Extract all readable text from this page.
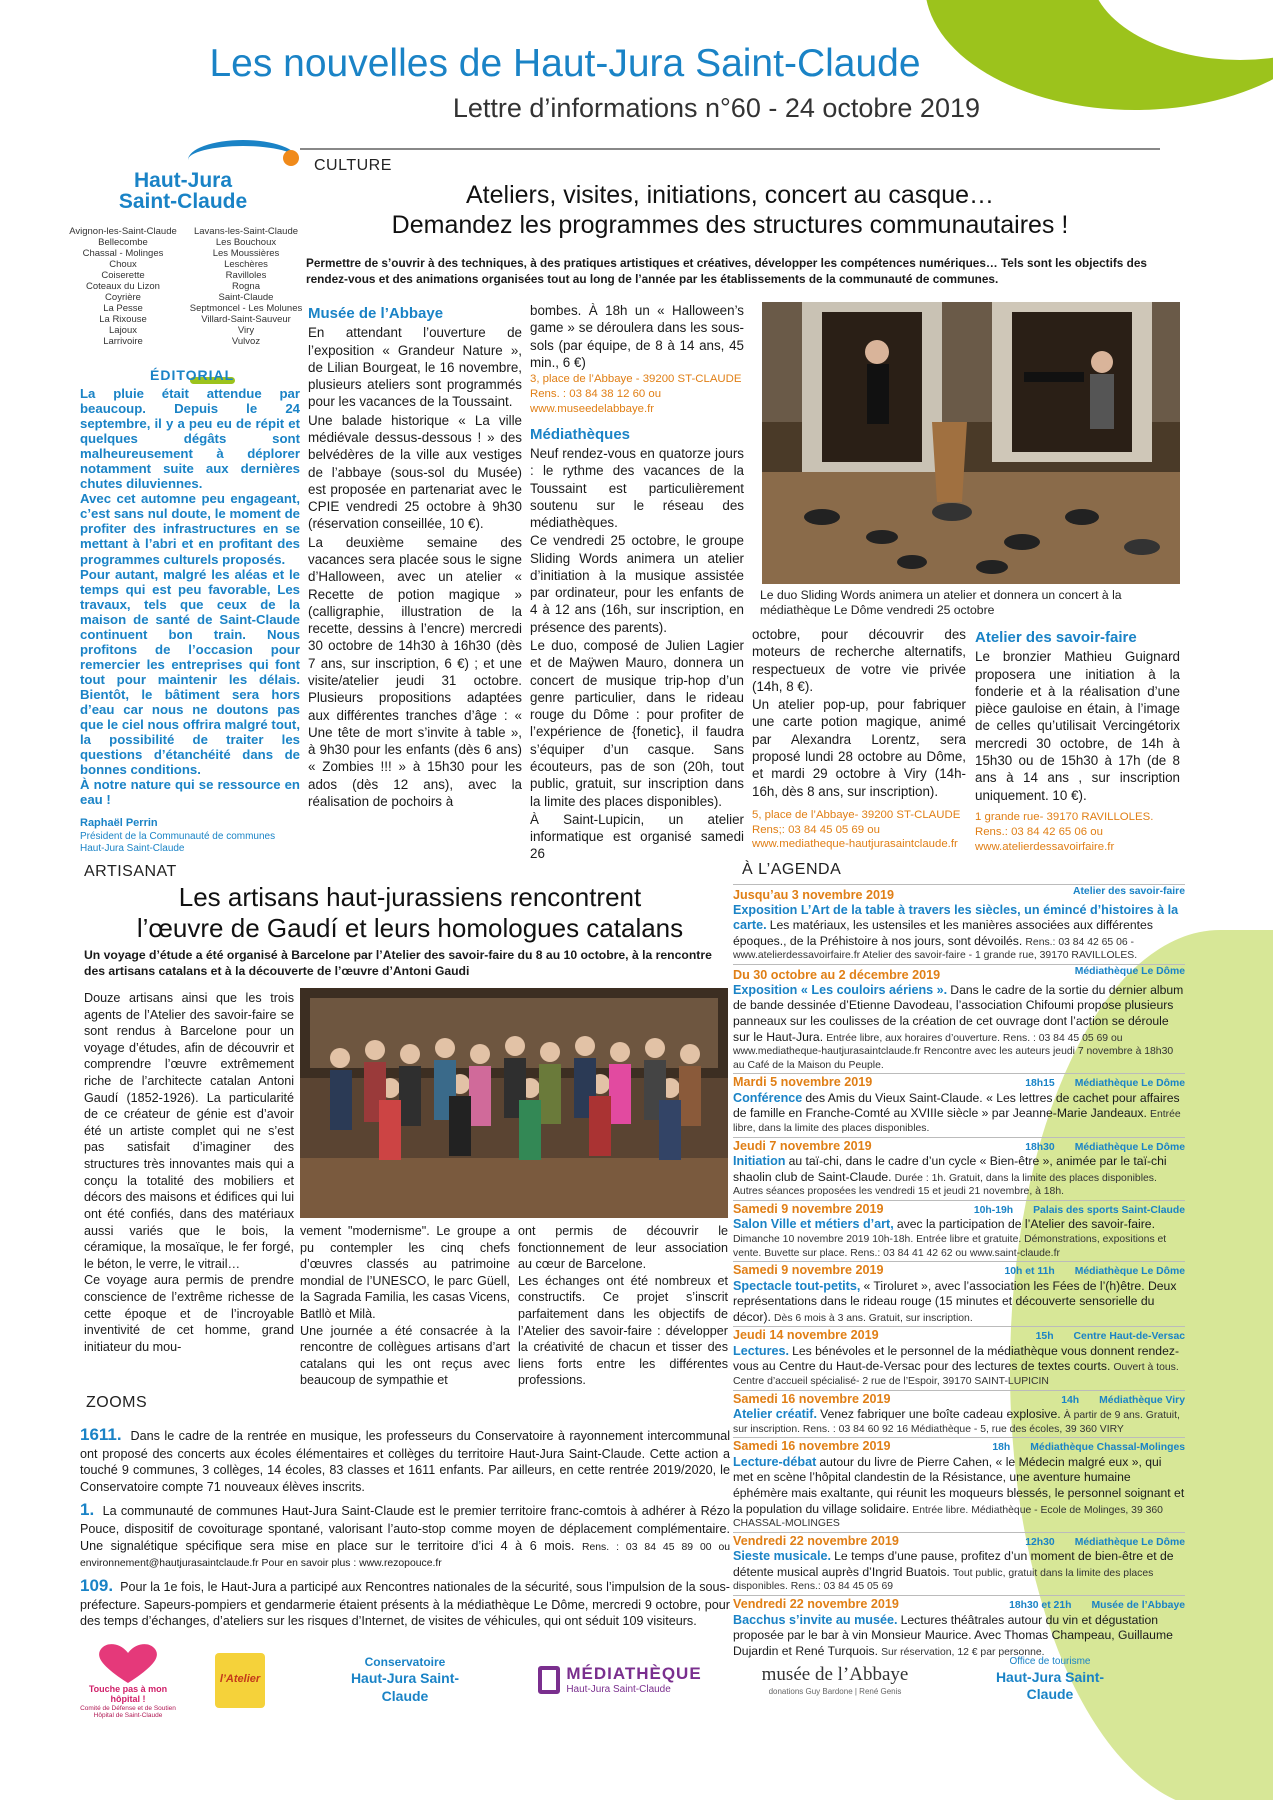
Les nouvelles de Haut-Jura Saint-Claude
Lettre d’informations n°60 - 24 octobre 2019
Haut-Jura
Saint-Claude
Avignon-les-Saint-Claude
Bellecombe
Chassal - Molinges
Choux
Coiserette
Coteaux du Lizon
Coyrière
La Pesse
La Rixouse
Lajoux
Larrivoire
Lavans-les-Saint-Claude
Les Bouchoux
Les Moussières
Leschères
Ravilloles
Rogna
Saint-Claude
Septmoncel - Les Molunes
Villard-Saint-Sauveur
Viry
Vulvoz
ÉDITORIAL

La pluie était attendue par beaucoup. Depuis le 24 septembre, il y a peu eu de répit et quelques dégâts sont malheureusement à déplorer notamment suite aux dernières chutes diluviennes.

Avec cet automne peu engageant, c’est sans nul doute, le moment de profiter des infrastructures en se mettant à l’abri et en profitant des programmes culturels proposés.

Pour autant, malgré les aléas et le temps qui est peu favorable, Les travaux, tels que ceux de la maison de santé de Saint-Claude continuent bon train. Nous profitons de l’occasion pour remercier les entreprises qui font tout pour maintenir les délais. Bientôt, le bâtiment sera hors d’eau car nous ne doutons pas que le ciel nous offrira malgré tout, la possibilité de traiter les questions d’étanchéité dans de bonnes conditions.

À notre nature qui se ressource en eau !

Raphaël Perrin
Président de la Communauté de communes Haut-Jura Saint-Claude
CULTURE
Ateliers, visites, initiations, concert au casque…
Demandez les programmes des structures communautaires !
Permettre de s’ouvrir à des techniques, à des pratiques artistiques et créatives, développer les compétences numériques… Tels sont les objectifs des rendez-vous et des animations organisées tout au long de l’année par les établissements de la communauté de communes.
Musée de l’Abbaye

En attendant l’ouverture de l’exposition « Grandeur Nature », de Lilian Bourgeat, le 16 novembre, plusieurs ateliers sont programmés pour les vacances de la Toussaint.

Une balade historique « La ville médiévale dessus-dessous ! » des belvédères de la ville aux vestiges de l’abbaye (sous-sol du Musée) est proposée en partenariat avec le CPIE vendredi 25 octobre à 9h30 (réservation conseillée, 10 €).

La deuxième semaine des vacances sera placée sous le signe d’Halloween, avec un atelier « Recette de potion magique » (calligraphie, illustration de la recette, dessins à l’encre) mercredi 30 octobre de 14h30 à 16h30 (dès 7 ans, sur inscription, 6 €) ; et une visite/atelier jeudi 31 octobre. Plusieurs propositions adaptées aux différentes tranches d’âge : « Une tête de mort s’invite à table », à 9h30 pour les enfants (dès 6 ans) « Zombies !!! » à 15h30 pour les ados (dès 12 ans), avec la réalisation de pochoirs à

bombes. À 18h un « Halloween’s game » se déroulera dans les sous-sols (par équipe, de 8 à 14 ans, 45 min., 6 €)

3, place de l’Abbaye - 39200 ST-CLAUDE
Rens. : 03 84 38 12 60 ou
www.museedelabbaye.fr
Médiathèques

Neuf rendez-vous en quatorze jours : le rythme des vacances de la Toussaint est particulièrement soutenu sur le réseau des médiathèques.

Ce vendredi 25 octobre, le groupe Sliding Words animera un atelier d’initiation à la musique assistée par ordinateur, pour les enfants de 4 à 12 ans (16h, sur inscription, en présence des parents).

Le duo, composé de Julien Lagier et de Maÿwen Mauro, donnera un concert de musique trip-hop d’un genre particulier, dans le rideau rouge du Dôme : pour profiter de l’expérience de {fonetic}, il faudra s’équiper d’un casque. Sans écouteurs, pas de son (20h, tout public, gratuit, sur inscription dans la limite des places disponibles).

À Saint-Lupicin, un atelier informatique est organisé samedi 26

Le duo Sliding Words animera un atelier et donnera un concert à la médiathèque Le Dôme vendredi 25 octobre

octobre, pour découvrir des moteurs de recherche alternatifs, respectueux de votre vie privée (14h, 8 €).

Un atelier pop-up, pour fabriquer une carte potion magique, animé par Alexandra Lorentz, sera proposé lundi 28 octobre au Dôme, et mardi 29 octobre à Viry (14h-16h, dès 8 ans, sur inscription).

5, place de l’Abbaye- 39200 ST-CLAUDE
Rens;: 03 84 45 05 69 ou
www.mediatheque-hautjurasaintclaude.fr
Atelier des savoir-faire

Le bronzier Mathieu Guignard proposera une initiation à la fonderie et à la réalisation d’une pièce gauloise en étain, à l’image de celles qu’utilisait Vercingétorix mercredi 30 octobre, de 14h à 15h30 ou de 15h30 à 17h (de 8 ans à 14 ans , sur inscription uniquement. 10 €).

1 grande rue- 39170 RAVILLOLES.
Rens.: 03 84 42 65 06 ou
www.atelierdessavoirfaire.fr
ARTISANAT
Les artisans haut-jurassiens rencontrent
l’œuvre de Gaudí et leurs homologues catalans
Un voyage d’étude a été organisé à Barcelone par l’Atelier des savoir-faire du 8 au 10 octobre, à la rencontre des artisans catalans et à la découverte de l’œuvre d’Antoni Gaudi

Douze artisans ainsi que les trois agents de l’Atelier des savoir-faire se sont rendus à Barcelone pour un voyage d’études, afin de découvrir et comprendre l’œuvre extrêmement riche de l’architecte catalan Antoni Gaudí (1852-1926). La particularité de ce créateur de génie est d’avoir été un artiste complet qui ne s’est pas satisfait d’imaginer des structures très innovantes mais qui a conçu la totalité des mobiliers et décors des maisons et édifices qui lui ont été confiés, dans des matériaux aussi variés que le bois, la céramique, la mosaïque, le fer forgé, le béton, le verre, le vitrail…

Ce voyage aura permis de prendre conscience de l’extrême richesse de cette époque et de l’incroyable inventivité de cet homme, grand initiateur du mou-

vement "modernisme". Le groupe a pu contempler les cinq chefs d’œuvres classés au patrimoine mondial de l’UNESCO, le parc Güell, la Sagrada Familia, les casas Vicens, Batllò et Milà.

Une journée a été consacrée à la rencontre de collègues artisans d’art catalans qui les ont reçus avec beaucoup de sympathie et

ont permis de découvrir le fonctionnement de leur association au cœur de Barcelone.

Les échanges ont été nombreux et constructifs. Ce projet s’inscrit parfaitement dans les objectifs de l’Atelier des savoir-faire : développer la créativité de chacun et tisser des liens forts entre les différentes professions.

ZOOMS

1611. Dans le cadre de la rentrée en musique, les professeurs du Conservatoire à rayonnement intercommunal ont proposé des concerts aux écoles élémentaires et collèges du territoire Haut-Jura Saint-Claude. Cette action a touché 9 communes, 3 collèges, 14 écoles, 83 classes et 1611 enfants. Par ailleurs, en cette rentrée 2019/2020, le Conservatoire compte 71 nouveaux élèves inscrits.

1. La communauté de communes Haut-Jura Saint-Claude est le premier territoire franc-comtois à adhérer à Rézo Pouce, dispositif de covoiturage spontané, valorisant l’auto-stop comme moyen de déplacement complémentaire. Une signalétique spécifique sera mise en place sur le territoire d’ici 4 à 6 mois. Rens. : 03 84 45 89 00 ou environnement@hautjurasaintclaude.fr Pour en savoir plus : www.rezopouce.fr

109. Pour la 1e fois, le Haut-Jura a participé aux Rencontres nationales de la sécurité, sous l’impulsion de la sous-préfecture. Sapeurs-pompiers et gendarmerie étaient présents à la médiathèque Le Dôme, mercredi 9 octobre, pour des temps d’échanges, d’ateliers sur les risques d’Internet, de visites de véhicules, qui ont séduit 109 visiteurs.

À L’AGENDA
Jusqu’au 3 novembre 2019	Atelier des savoir-faire
Exposition L’Art de la table à travers les siècles, un émincé d’histoires à la carte. Les matériaux, les ustensiles et les manières associées aux différentes époques., de la Préhistoire à nos jours, sont dévoilés. Rens.: 03 84 42 65 06 - www.atelierdessavoirfaire.fr Atelier des savoir-faire - 1 grande rue, 39170 RAVILLOLES.
Du 30 octobre au 2 décembre 2019	Médiathèque Le Dôme
Exposition « Les couloirs aériens ». Dans le cadre de la sortie du dernier album de bande dessinée d’Etienne Davodeau, l’association Chifoumi propose plusieurs panneaux sur les coulisses de la création de cet ouvrage dont l’action se déroule sur le Haut-Jura. Entrée libre, aux horaires d’ouverture. Rens. : 03 84 45 05 69 ou www.mediatheque-hautjurasaintclaude.fr Rencontre avec les auteurs jeudi 7 novembre à 18h30 au Café de la Maison du Peuple.
Mardi 5 novembre 2019	18h15 Médiathèque Le Dôme
Conférence des Amis du Vieux Saint-Claude. « Les lettres de cachet pour affaires de famille en Franche-Comté au XVIIIe siècle » par Jeanne-Marie Jandeaux. Entrée libre, dans la limite des places disponibles.
Jeudi 7 novembre 2019	18h30 Médiathèque Le Dôme
Initiation au taï-chi, dans le cadre d’un cycle « Bien-être », animée par le taï-chi shaolin club de Saint-Claude. Durée : 1h. Gratuit, dans la limite des places disponibles. Autres séances proposées les vendredi 15 et jeudi 21 novembre, à 18h.
Samedi 9 novembre 2019	10h-19h Palais des sports Saint-Claude
Salon Ville et métiers d’art, avec la participation de l’Atelier des savoir-faire. Dimanche 10 novembre 2019 10h-18h. Entrée libre et gratuite. Démonstrations, expositions et vente. Buvette sur place. Rens.: 03 84 41 42 62 ou www.saint-claude.fr
Samedi 9 novembre 2019	10h et 11h Médiathèque Le Dôme
Spectacle tout-petits, « Tiroluret », avec l’association les Fées de l’(h)être. Deux représentations dans le rideau rouge (15 minutes et découverte sensorielle du décor). Dès 6 mois à 3 ans. Gratuit, sur inscription.
Jeudi 14 novembre 2019	15h Centre Haut-de-Versac
Lectures. Les bénévoles et le personnel de la médiathèque vous donnent rendez-vous au Centre du Haut-de-Versac pour des lectures de textes courts. Ouvert à tous. Centre d’accueil spécialisé- 2 rue de l’Espoir, 39170 SAINT-LUPICIN
Samedi 16 novembre 2019	14h Médiathèque Viry
Atelier créatif. Venez fabriquer une boîte cadeau explosive. À partir de 9 ans. Gratuit, sur inscription. Rens. : 03 84 60 92 16 Médiathèque - 5, rue des écoles, 39 360 VIRY
Samedi 16 novembre 2019	18h Médiathèque Chassal-Molinges
Lecture-débat autour du livre de Pierre Cahen, « le Médecin malgré eux », qui met en scène l’hôpital clandestin de la Résistance, une aventure humaine éphémère mais exaltante, qui réunit les moqueurs blessés, le personnel soignant et la population du village solidaire. Entrée libre. Médiathèque - Ecole de Molinges, 39 360 CHASSAL-MOLINGES
Vendredi 22 novembre 2019	12h30 Médiathèque Le Dôme
Sieste musicale. Le temps d’une pause, profitez d’un moment de bien-être et de détente musical auprès d’Ingrid Buatois. Tout public, gratuit dans la limite des places disponibles. Rens.: 03 84 45 05 69
Vendredi 22 novembre 2019	18h30 et 21h Musée de l’Abbaye
Bacchus s’invite au musée. Lectures théâtrales autour du vin et dégustation proposée par le bar à vin Monsieur Maurice. Avec Thomas Champeau, Guillaume Dujardin et René Turquois. Sur réservation, 12 € par personne.
Touche pas à mon hôpital !
Comité de Défense et de Soutien Hôpital de Saint-Claude
l’Atelier
Conservatoire
Haut-Jura Saint-Claude
MÉDIATHÈQUE
Haut-Jura Saint-Claude
musée de l’Abbaye
donations Guy Bardone | René Genis
Office de tourisme
Haut-Jura Saint-Claude
